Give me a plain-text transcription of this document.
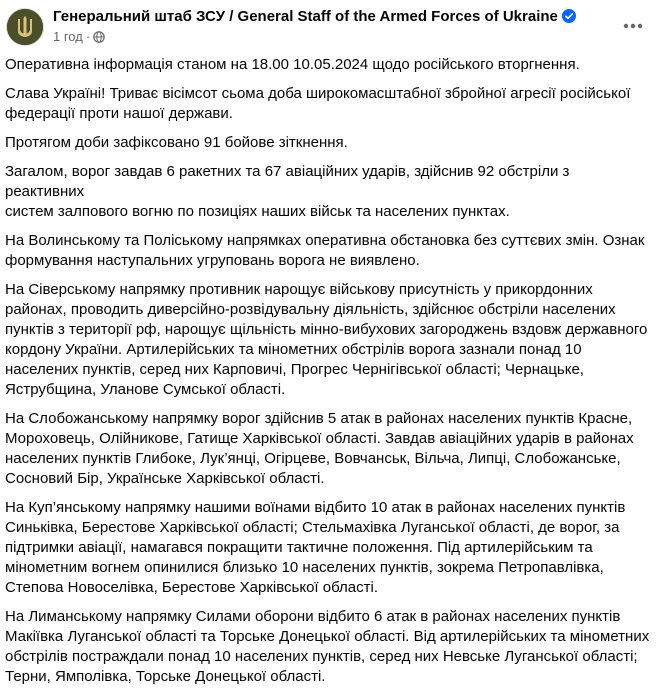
Генеральний штаб ЗСУ / General Staff of the Armed Forces of Ukraine
1 год ·

Оперативна інформація станом на 18.00 10.05.2024 щодо російського вторгнення.

Слава Україні! Триває вісімсот сьома доба широкомасштабної збройної агресії російської
федерації проти нашої держави.

Протягом доби зафіксовано 91 бойове зіткнення.

Загалом, ворог завдав 6 ракетних та 67 авіаційних ударів, здійснив 92 обстріли з реактивних
систем залпового вогню по позиціях наших військ та населених пунктах.

На Волинському та Поліському напрямках оперативна обстановка без суттєвих змін. Ознак
формування наступальних угруповань ворога не виявлено.

На Сіверському напрямку противник нарощує військову присутність у прикордонних
районах, проводить диверсійно-розвідувальну діяльність, здійснює обстріли населених
пунктів з території рф, нарощує щільність мінно-вибухових загороджень вздовж державного
кордону України. Артилерійських та мінометних обстрілів ворога зазнали понад 10
населених пунктів, серед них Карповичі, Прогрес Чернігівської області; Чернацьке,
Яструбщина, Уланове Сумської області.

На Слобожанському напрямку ворог здійснив 5 атак в районах населених пунктів Красне,
Мороховець, Олійникове, Гатище Харківської області. Завдав авіаційних ударів в районах
населених пунктів Глибоке, Лук’янці, Огірцеве, Вовчанськ, Вільча, Липці, Слобожанське,
Сосновий Бір, Українське Харківської області.

На Куп’янському напрямку нашими воїнами відбито 10 атак в районах населених пунктів
Синьківка, Берестове Харківської області; Стельмахівка Луганської області, де ворог, за
підтримки авіації, намагався покращити тактичне положення. Під артилерійським та
мінометним вогнем опинилися близько 10 населених пунктів, зокрема Петропавлівка,
Степова Новоселівка, Берестове Харківської області.

На Лиманському напрямку Силами оборони відбито 6 атак в районах населених пунктів
Макіївка Луганської області та Торське Донецької області. Від артилерійських та мінометних
обстрілів постраждали понад 10 населених пунктів, серед них Невське Луганської області;
Терни, Ямполівка, Торське Донецької області.
